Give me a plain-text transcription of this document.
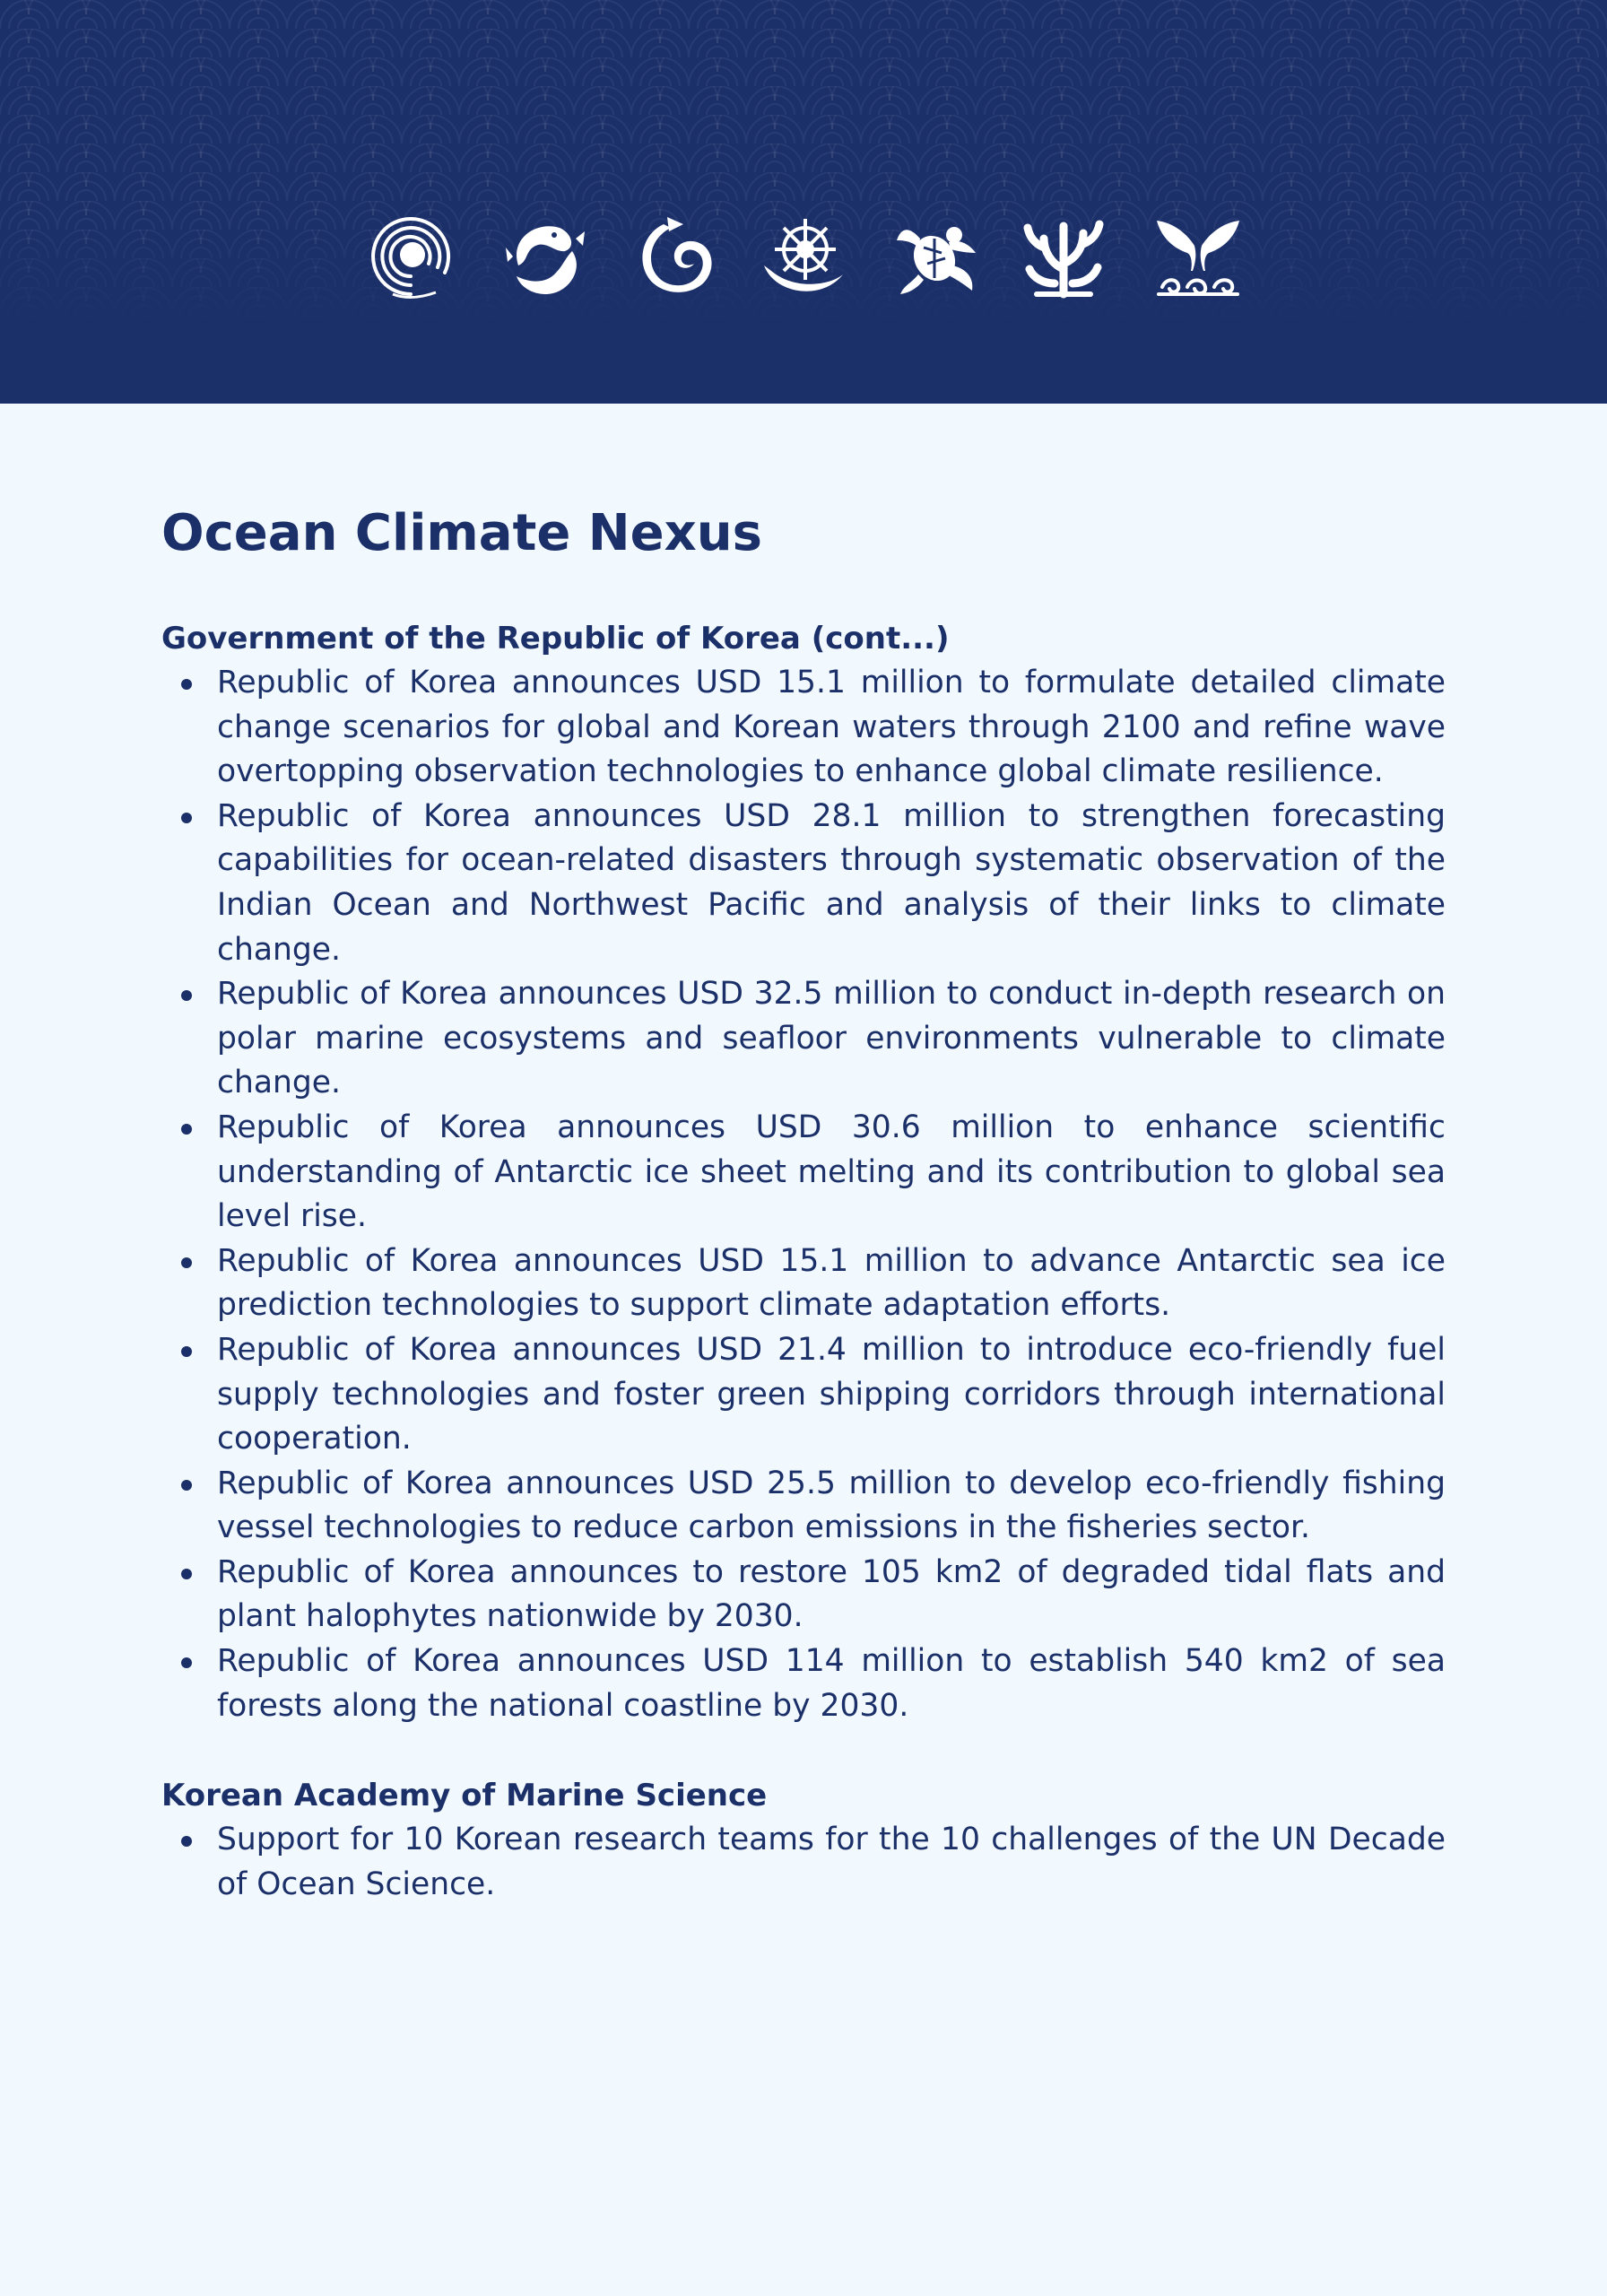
Ocean Climate Nexus
Government of the Republic of Korea (cont...)
Republic of Korea announces USD 15.1 million to formulate detailed climate change scenarios for global and Korean waters through 2100 and refine wave overtopping observation technologies to enhance global climate resilience.
Republic of Korea announces USD 28.1 million to strengthen forecasting capabilities for ocean-related disasters through systematic observation of the Indian Ocean and Northwest Pacific and analysis of their links to climate change.
Republic of Korea announces USD 32.5 million to conduct in-depth research on polar marine ecosystems and seafloor environments vulnerable to climate change.
Republic of Korea announces USD 30.6 million to enhance scientific understanding of Antarctic ice sheet melting and its contribution to global sea level rise.
Republic of Korea announces USD 15.1 million to advance Antarctic sea ice prediction technologies to support climate adaptation efforts.
Republic of Korea announces USD 21.4 million to introduce eco-friendly fuel supply technologies and foster green shipping corridors through international cooperation.
Republic of Korea announces USD 25.5 million to develop eco-friendly fishing vessel technologies to reduce carbon emissions in the fisheries sector.
Republic of Korea announces to restore 105 km2 of degraded tidal flats and plant halophytes nationwide by 2030.
Republic of Korea announces USD 114 million to establish 540 km2 of sea forests along the national coastline by 2030.
Korean Academy of Marine Science
Support for 10 Korean research teams for the 10 challenges of the UN Decade of Ocean Science.
